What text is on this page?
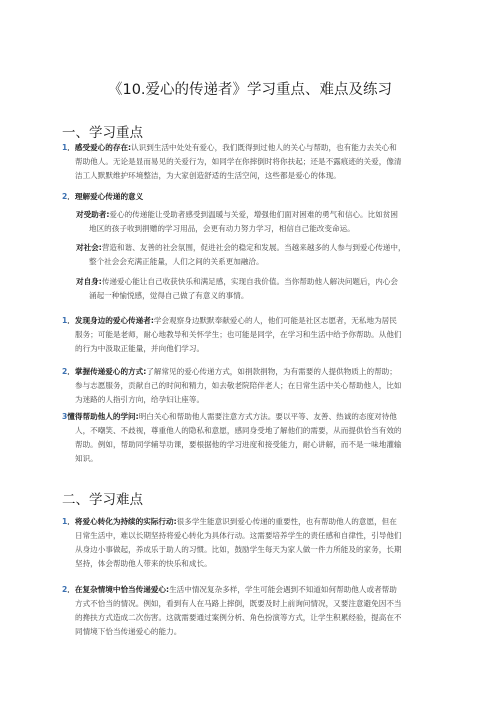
《10.爱心的传递者》学习重点、难点及练习
一、学习重点
1．感受爱心的存在:认识到生活中处处有爱心，我们既得到过他人的关心与帮助，也有能力去关心和
帮助他人。无论是显而易见的关爱行为，如同学在你摔倒时将你扶起；还是不露痕迹的关爱，像清
洁工人默默维护环境整洁，为大家创造舒适的生活空间，这些都是爱心的体现。
2．理解爱心传递的意义
对受助者:爱心的传递能让受助者感受到温暖与关爱，增强他们面对困难的勇气和信心。比如贫困
地区的孩子收到捐赠的学习用品，会更有动力努力学习，相信自己能改变命运。
对社会:营造和谐、友善的社会氛围，促进社会的稳定和发展。当越来越多的人参与到爱心传递中，
整个社会会充满正能量，人们之间的关系更加融洽。
对自身:传递爱心能让自己收获快乐和满足感，实现自我价值。当你帮助他人解决问题后，内心会
涌起一种愉悦感，觉得自己做了有意义的事情。
1．发现身边的爱心传递者:学会观察身边默默奉献爱心的人，他们可能是社区志愿者，无私地为居民
服务；可能是老师，耐心地教导和关怀学生；也可能是同学，在学习和生活中给予你帮助。从他们
的行为中汲取正能量，并向他们学习。
2．掌握传递爱心的方式:了解常见的爱心传递方式，如捐款捐物，为有需要的人提供物质上的帮助；
参与志愿服务，贡献自己的时间和精力，如去敬老院陪伴老人；在日常生活中关心帮助他人，比如
为迷路的人指引方向，给孕妇让座等。
3懂得帮助他人的学问:明白关心和帮助他人需要注意方式方法。要以平等、友善、热诚的态度对待他
人，不嘲笑、不歧视，尊重他人的隐私和意愿，感同身受地了解他们的需要，从而提供恰当有效的
帮助。例如，帮助同学辅导功课，要根据他的学习进度和接受能力，耐心讲解，而不是一味地灌输
知识。
二、学习难点
1．将爱心转化为持续的实际行动:很多学生能意识到爱心传递的重要性，也有帮助他人的意愿，但在
日常生活中，难以长期坚持将爱心转化为具体行动。这需要培养学生的责任感和自律性，引导他们
从身边小事做起，养成乐于助人的习惯。比如，鼓励学生每天为家人做一件力所能及的家务，长期
坚持，体会帮助他人带来的快乐和成长。
2．在复杂情境中恰当传递爱心:生活中情况复杂多样，学生可能会遇到不知道如何帮助他人或者帮助
方式不恰当的情况。例如，看到有人在马路上摔倒，既要及时上前询问情况，又要注意避免因不当
的搀扶方式造成二次伤害。这就需要通过案例分析、角色扮演等方式，让学生积累经验，提高在不
同情境下恰当传递爱心的能力。
